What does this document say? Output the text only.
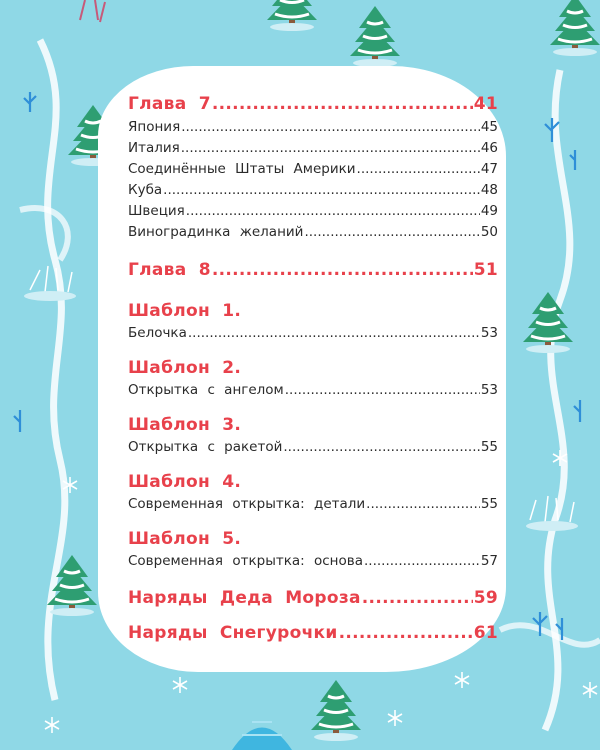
Глава 7 .....	41
Япония .....	45
Италия .....	46
Соединённые Штаты Америки .....	47
Куба .....	48
Швеция .....	49
Виноградинка желаний .....	50
Глава 8 .....	51
Шаблон 1.
Белочка .....	53
Шаблон 2.
Открытка с ангелом .....	53
Шаблон 3.
Открытка с ракетой .....	55
Шаблон 4.
Современная открытка: детали .....	55
Шаблон 5.
Современная открытка: основа .....	57
Наряды Деда Мороза .....	59
Наряды Снегурочки .....	61
